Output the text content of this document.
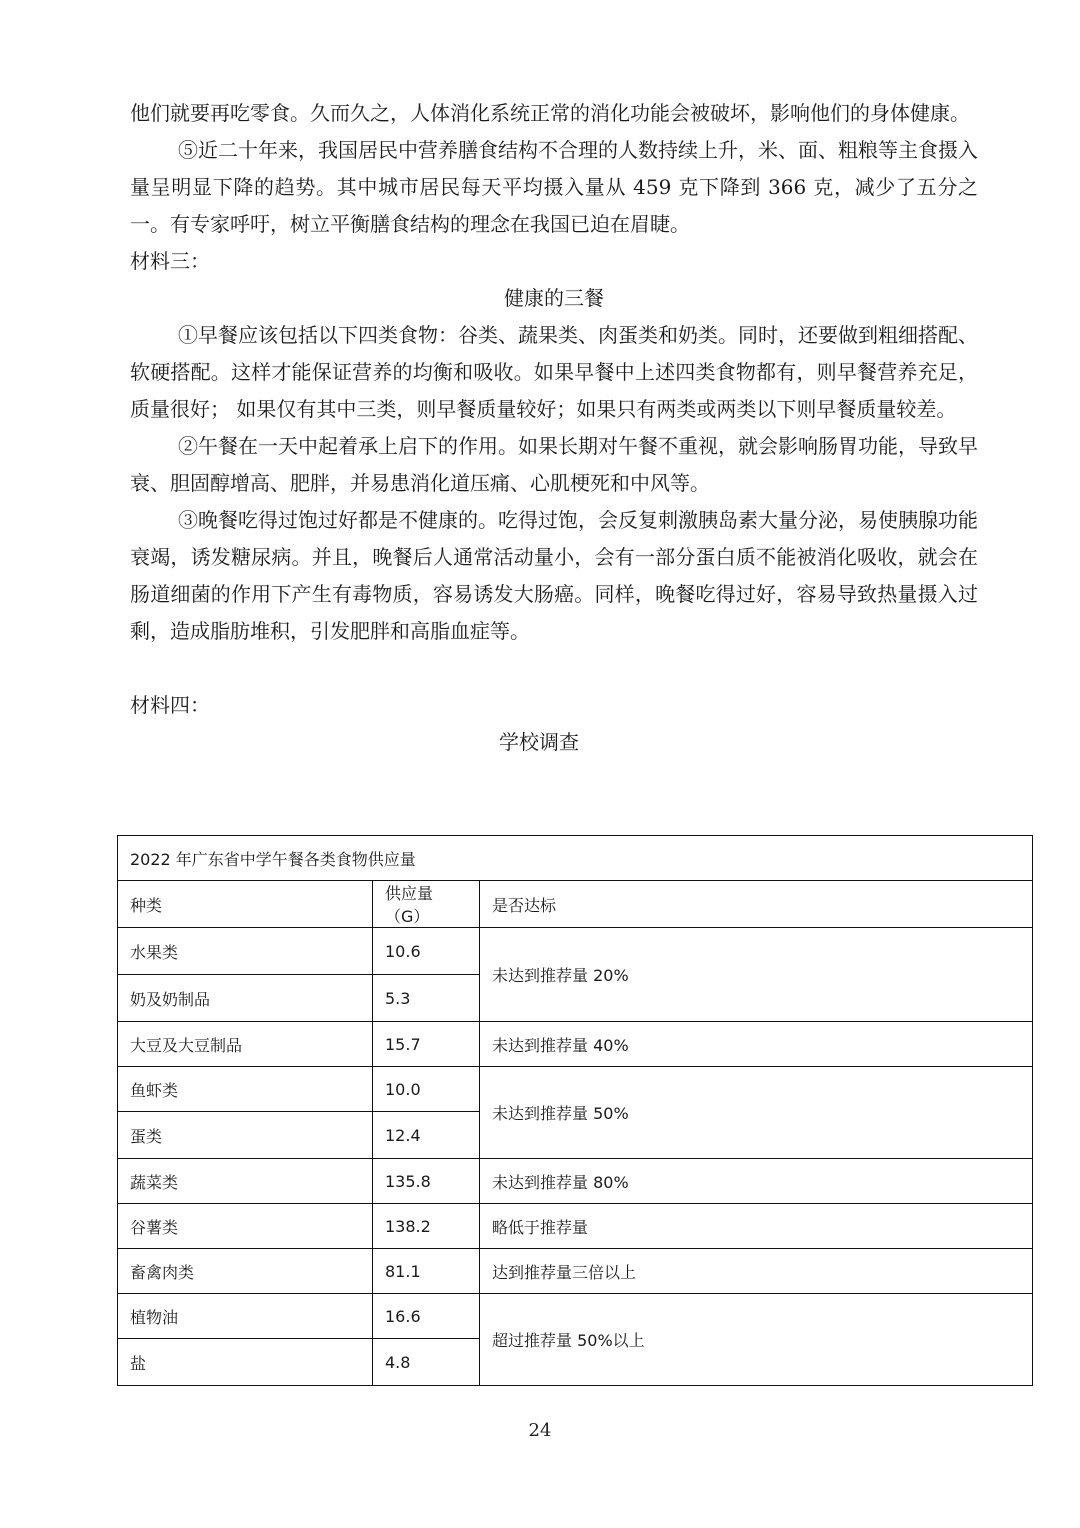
他们就要再吃零食。久而久之，人体消化系统正常的消化功能会被破坏，影响他们的身体健康。

⑤近二十年来，我国居民中营养膳食结构不合理的人数持续上升，米、面、粗粮等主食摄入量呈明显下降的趋势。其中城市居民每天平均摄入量从 459 克下降到 366 克，减少了五分之一。有专家呼吁，树立平衡膳食结构的理念在我国已迫在眉睫。

材料三：

健康的三餐

①早餐应该包括以下四类食物：谷类、蔬果类、肉蛋类和奶类。同时，还要做到粗细搭配、软硬搭配。这样才能保证营养的均衡和吸收。如果早餐中上述四类食物都有，则早餐营养充足，质量很好； 如果仅有其中三类，则早餐质量较好；如果只有两类或两类以下则早餐质量较差。

②午餐在一天中起着承上启下的作用。如果长期对午餐不重视，就会影响肠胃功能，导致早衰、胆固醇增高、肥胖，并易患消化道压痛、心肌梗死和中风等。

③晚餐吃得过饱过好都是不健康的。吃得过饱，会反复刺激胰岛素大量分泌，易使胰腺功能衰竭，诱发糖尿病。并且，晚餐后人通常活动量小，会有一部分蛋白质不能被消化吸收，就会在肠道细菌的作用下产生有毒物质，容易诱发大肠癌。同样，晚餐吃得过好，容易导致热量摄入过剩，造成脂肪堆积，引发肥胖和高脂血症等。

材料四：

学校调查

2022 年广东省中学午餐各类食物供应量		
种类	供应量（G）	是否达标
水果类	10.6	未达到推荐量 20%
奶及奶制品	5.3	
大豆及大豆制品	15.7	未达到推荐量 40%
鱼虾类	10.0	未达到推荐量 50%
蛋类	12.4	
蔬菜类	135.8	未达到推荐量 80%
谷薯类	138.2	略低于推荐量
畜禽肉类	81.1	达到推荐量三倍以上
植物油	16.6	超过推荐量 50%以上
盐	4.8	
24
